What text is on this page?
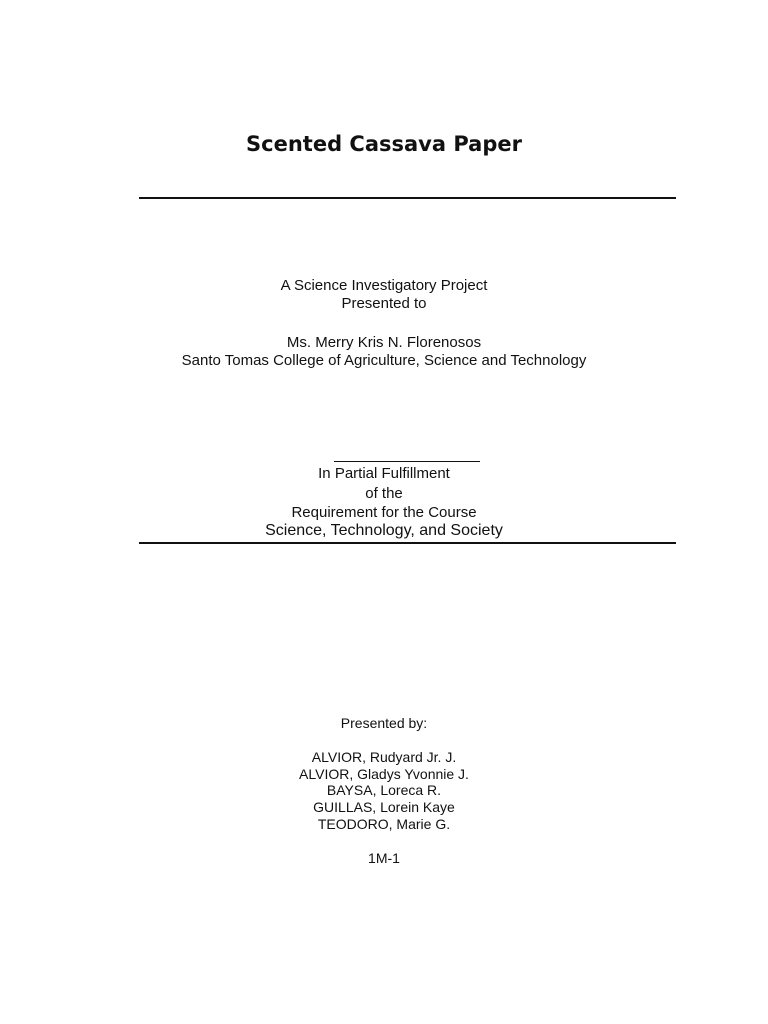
Scented Cassava Paper
A Science Investigatory Project
Presented to
Ms. Merry Kris N. Florenosos
Santo Tomas College of Agriculture, Science and Technology
In Partial Fulfillment
of the
Requirement for the Course
Science, Technology, and Society
Presented by:
ALVIOR, Rudyard Jr. J.
ALVIOR, Gladys Yvonnie J.
BAYSA, Loreca R.
GUILLAS, Lorein Kaye
TEODORO, Marie G.
1M-1
